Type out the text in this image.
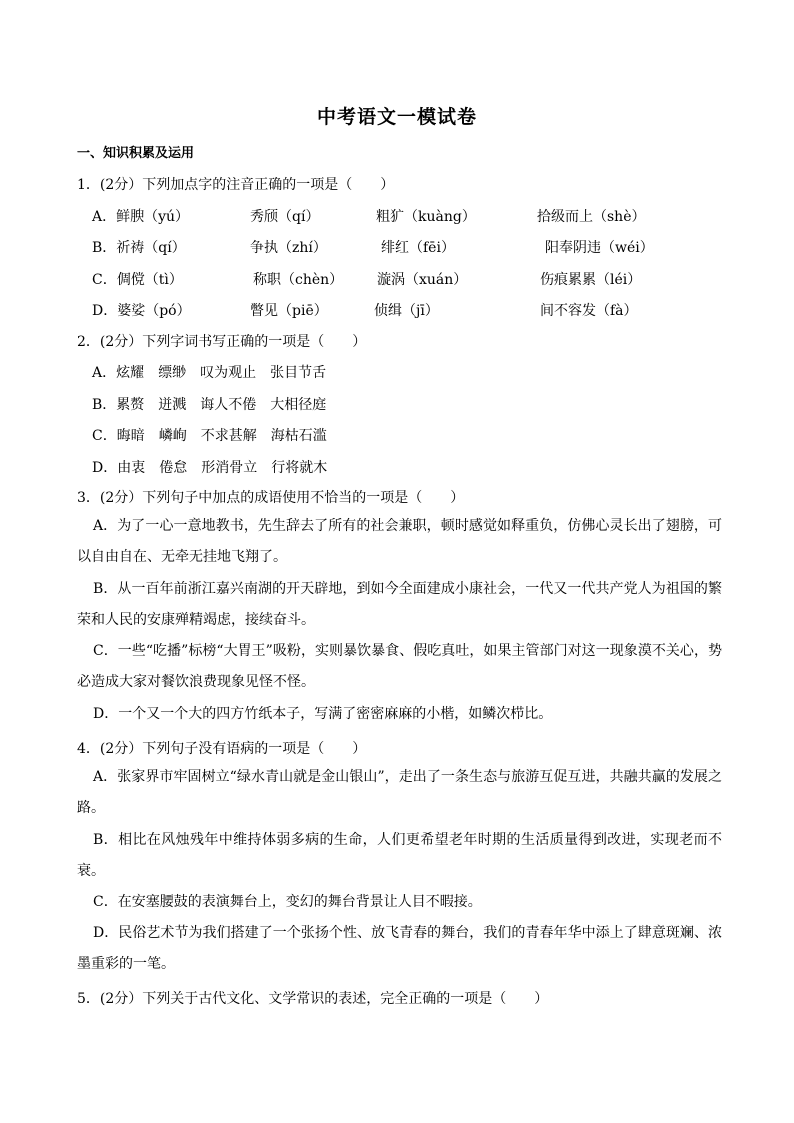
中考语文一模试卷
一、知识积累及运用
1．(2分）下列加点字的注音正确的一项是（　　）
A．鲜腴（yú）	秀颀（qí）	粗犷（kuàng）	拾级而上（shè）
B．祈祷（qí）	争执（zhí）	绯红（fēi）	阳奉阴违（wéi）
C．倜傥（tì）	称职（chèn） 漩涡（xuán）	伤痕累累（léi）
D．婆娑（pó）	瞥见（piē）	侦缉（jī）	间不容发（fà）
2．(2分）下列字词书写正确的一项是（　　）
A．炫耀　缥缈　叹为观止　张目节舌
B．累赘　迸溅　诲人不倦　大相径庭
C．晦暗　嶙峋　不求甚解　海枯石滥
D．由衷　倦怠　形消骨立　行将就木
3．(2分）下列句子中加点的成语使用不恰当的一项是（　　）
A．为了一心一意地教书，先生辞去了所有的社会兼职，顿时感觉如释重负，仿佛心灵长出了翅膀，可以自由自在、无牵无挂地飞翔了。
B．从一百年前浙江嘉兴南湖的开天辟地，到如今全面建成小康社会，一代又一代共产党人为祖国的繁荣和人民的安康殚精竭虑，接续奋斗。
C．一些“吃播”标榜“大胃王”吸粉，实则暴饮暴食、假吃真吐，如果主管部门对这一现象漠不关心，势必造成大家对餐饮浪费现象见怪不怪。
D．一个又一个大的四方竹纸本子，写满了密密麻麻的小楷，如鳞次栉比。
4．(2分）下列句子没有语病的一项是（　　）
A．张家界市牢固树立“绿水青山就是金山银山”，走出了一条生态与旅游互促互进，共融共赢的发展之路。
B．相比在风烛残年中维持体弱多病的生命，人们更希望老年时期的生活质量得到改进，实现老而不衰。
C．在安塞腰鼓的表演舞台上，变幻的舞台背景让人目不暇接。
D．民俗艺术节为我们搭建了一个张扬个性、放飞青春的舞台，我们的青春年华中添上了肆意斑斓、浓墨重彩的一笔。
5．(2分）下列关于古代文化、文学常识的表述，完全正确的一项是（　　）
